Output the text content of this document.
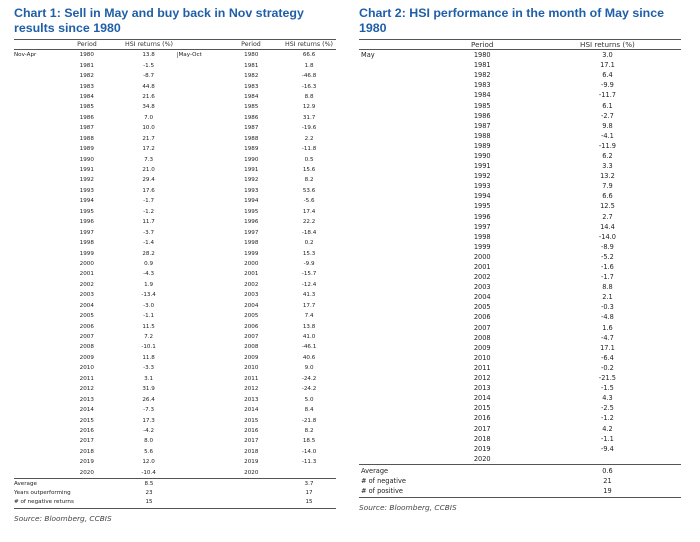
Chart 1: Sell in May and buy back in Nov strategy results since 1980
Period	HSI returns (%)	Period	HSI returns (%)
Nov-Apr	1980	13.8	May-Oct	1980	66.6
1981	-1.5	1981	1.8
1982	-8.7	1982	-46.8
1983	44.8	1983	-16.3
1984	21.6	1984	8.8
1985	34.8	1985	12.9
1986	7.0	1986	31.7
1987	10.0	1987	-19.6
1988	21.7	1988	2.2
1989	17.2	1989	-11.8
1990	7.3	1990	0.5
1991	21.0	1991	15.6
1992	29.4	1992	8.2
1993	17.6	1993	53.6
1994	-1.7	1994	-5.6
1995	-1.2	1995	17.4
1996	11.7	1996	22.2
1997	-3.7	1997	-18.4
1998	-1.4	1998	0.2
1999	28.2	1999	15.3
2000	0.9	2000	-9.9
2001	-4.3	2001	-15.7
2002	1.9	2002	-12.4
2003	-13.4	2003	41.3
2004	-3.0	2004	17.7
2005	-1.1	2005	7.4
2006	11.5	2006	13.8
2007	7.2	2007	41.0
2008	-10.1	2008	-46.1
2009	11.8	2009	40.6
2010	-3.3	2010	9.0
2011	3.1	2011	-24.2
2012	31.9	2012	-24.2
2013	26.4	2013	5.0
2014	-7.3	2014	8.4
2015	17.3	2015	-21.8
2016	-4.2	2016	8.2
2017	8.0	2017	18.5
2018	5.6	2018	-14.0
2019	12.0	2019	-11.3
2020	-10.4	2020
Average	8.5	3.7
Years outperforming	23	17
# of negative returns	15	15
Source: Bloomberg, CCBIS
Chart 2: HSI performance in the month of May since 1980
Period	HSI returns (%)
May	1980	3.0
1981	17.1
1982	6.4
1983	-9.9
1984	-11.7
1985	6.1
1986	-2.7
1987	9.8
1988	-4.1
1989	-11.9
1990	6.2
1991	3.3
1992	13.2
1993	7.9
1994	6.6
1995	12.5
1996	2.7
1997	14.4
1998	-14.0
1999	-8.9
2000	-5.2
2001	-1.6
2002	-1.7
2003	8.8
2004	2.1
2005	-0.3
2006	-4.8
2007	1.6
2008	-4.7
2009	17.1
2010	-6.4
2011	-0.2
2012	-21.5
2013	-1.5
2014	4.3
2015	-2.5
2016	-1.2
2017	4.2
2018	-1.1
2019	-9.4
2020
Average	0.6
# of negative	21
# of positive	19
Source: Bloomberg, CCBIS
